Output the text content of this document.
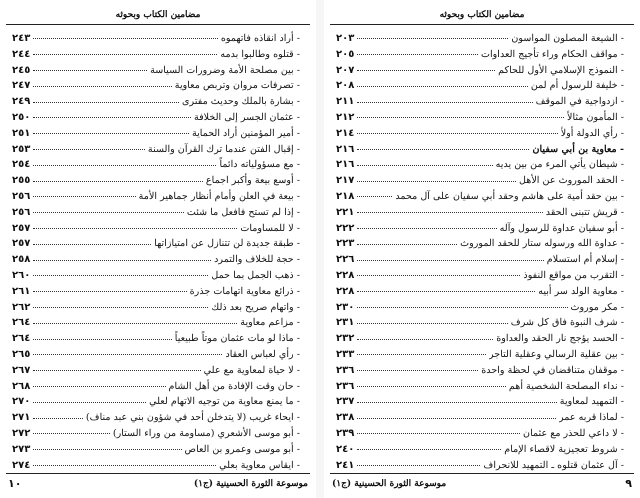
مضامين الكتاب وبحوثه
- الشيعة المصلون المواسون
٢٠٣
- مواقف الحكام وراء تأجيج العداوات
٢٠٥
- النموذج الإسلامي الأول للحاكم
٢٠٧
- خليفة للرسول أم لمن
٢٠٨
- ازدواجية في الموقف
٢١١
- المأمون مثالاً
٢١٢
- رأي الدولة أولاً
٢١٤
- معاوية بن أبي سفيان
٢١٦
- شيطان يأتي المرء من بين يديه
٢١٦
- الحقد الموروث عن الأهل
٢١٧
- بين حقد أمية على هاشم وحقد أبي سفيان على آل محمد
٢١٨
- قريش تتبنى الحقد
٢٢١
- أبو سفيان عداوة للرسول وآله
٢٢٢
- عداوة الله ورسوله ستار للحقد الموروث
٢٢٣
- إسلام أم استسلام
٢٢٦
- التقرب من مواقع النفوذ
٢٢٨
- معاوية الولد سر أبيه
٢٢٨
- مكر موروث
٢٣٠
- شرف النبوة فاق كل شرف
٢٣١
- الحسد يؤجج نار الحقد والعداوة
٢٣٢
- بين عقلية الرسالي وعقلية التاجر
٢٣٣
- موقفان متناقضان في لحظة واحدة
٢٣٦
- نداء المصلحة الشخصية أهم
٢٣٦
- التمهيد لمعاوية
٢٣٧
- لماذا قربه عمر
٢٣٨
- لا داعي للحذر مع عثمان
٢٣٩
- شروط تعجيزية لاقصاء الإمام
٢٤٠
- آل عثمان قتلوه ـ التمهيد للانحراف
٢٤١
٩
موسوعة الثورة الحسينية (ج١)
مضامين الكتاب وبحوثه
- أراد انقاذه فاتهموه
٢٤٣
- قتلوه وطالبوا بدمه
٢٤٤
- بين مصلحة الأمة وضرورات السياسة
٢٤٥
- تصرفات مروان وتربص معاوية
٢٤٧
- بشارة بالملك وحديث مفترى
٢٤٩
- عثمان الجسر إلى الخلافة
٢٥٠
- أمير المؤمنين أراد الحماية
٢٥١
- إقبال الفتن عندما ترك القرآن والسنة
٢٥٣
- مع مسؤولياته دائماً
٢٥٤
- أوسع بيعة وأكبر اجماع
٢٥٥
- بيعة في العلن وأمام أنظار جماهير الأمة
٢٥٦
- إذا لم تستح فافعل ما شئت
٢٥٦
- لا للمساومات
٢٥٧
- طبقة جديدة لن تتنازل عن امتيازاتها
٢٥٧
- حجة للخلاف والتمرد
٢٥٨
- ذهب الجمل بما حمل
٢٦٠
- ذرائع معاوية اتهامات جذرة
٢٦١
- واتهام صريح بعد ذلك
٢٦٢
- مزاعم معاوية
٢٦٤
- ماذا لو مات عثمان موتاً طبيعياً
٢٦٤
- رأي لعباس العقاد
٢٦٥
- لا حياة لمعاوية مع علي
٢٦٧
- حان وقت الإفادة من أهل الشام
٢٦٨
- ما يمنع معاوية من توجيه الاتهام لعلي
٢٧٠
- ايحاء غريب (لا يتدخلن أحد في شؤون بني عبد مناف)
٢٧١
- أبو موسى الأشعري (مساومة من وراء الستار)
٢٧٢
- أبو موسى وعمرو بن العاص
٢٧٣
- ايقاس معاوية بعلي
٢٧٤
١٠	موسوعة الثورة الحسينية (ج١)
